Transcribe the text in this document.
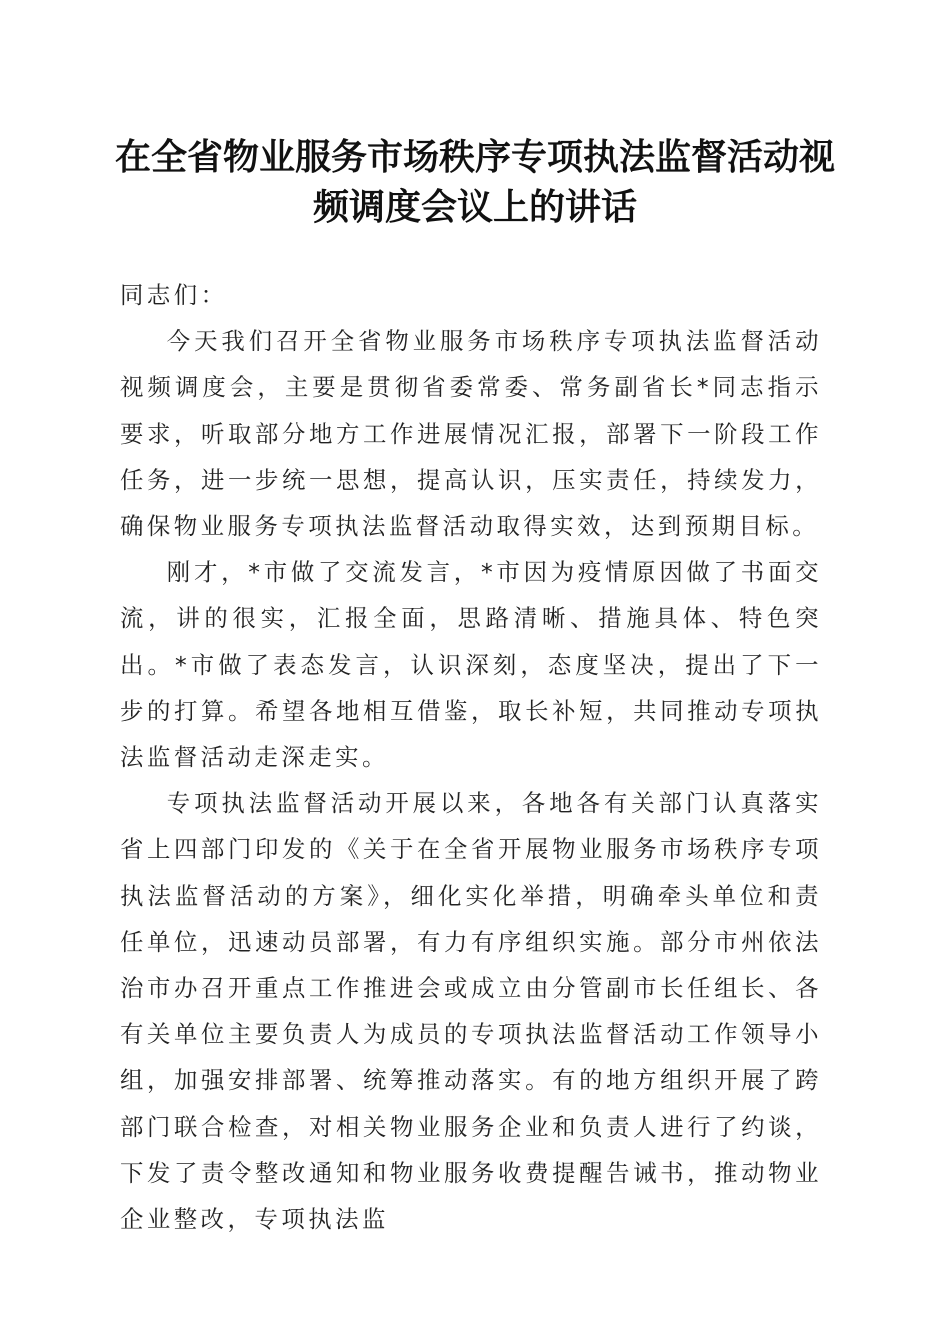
在全省物业服务市场秩序专项执法监督活动视频调度会议上的讲话

同志们：

今天我们召开全省物业服务市场秩序专项执法监督活动视频调度会，主要是贯彻省委常委、常务副省长*同志指示要求，听取部分地方工作进展情况汇报，部署下一阶段工作任务，进一步统一思想，提高认识，压实责任，持续发力，确保物业服务专项执法监督活动取得实效，达到预期目标。

刚才，*市做了交流发言，*市因为疫情原因做了书面交流，讲的很实，汇报全面，思路清晰、措施具体、特色突出。*市做了表态发言，认识深刻，态度坚决，提出了下一步的打算。希望各地相互借鉴，取长补短，共同推动专项执法监督活动走深走实。

专项执法监督活动开展以来，各地各有关部门认真落实省上四部门印发的《关于在全省开展物业服务市场秩序专项执法监督活动的方案》，细化实化举措，明确牵头单位和责任单位，迅速动员部署，有力有序组织实施。部分市州依法治市办召开重点工作推进会或成立由分管副市长任组长、各有关单位主要负责人为成员的专项执法监督活动工作领导小组，加强安排部署、统筹推动落实。有的地方组织开展了跨部门联合检查，对相关物业服务企业和负责人进行了约谈，下发了责令整改通知和物业服务收费提醒告诫书，推动物业企业整改，专项执法监
